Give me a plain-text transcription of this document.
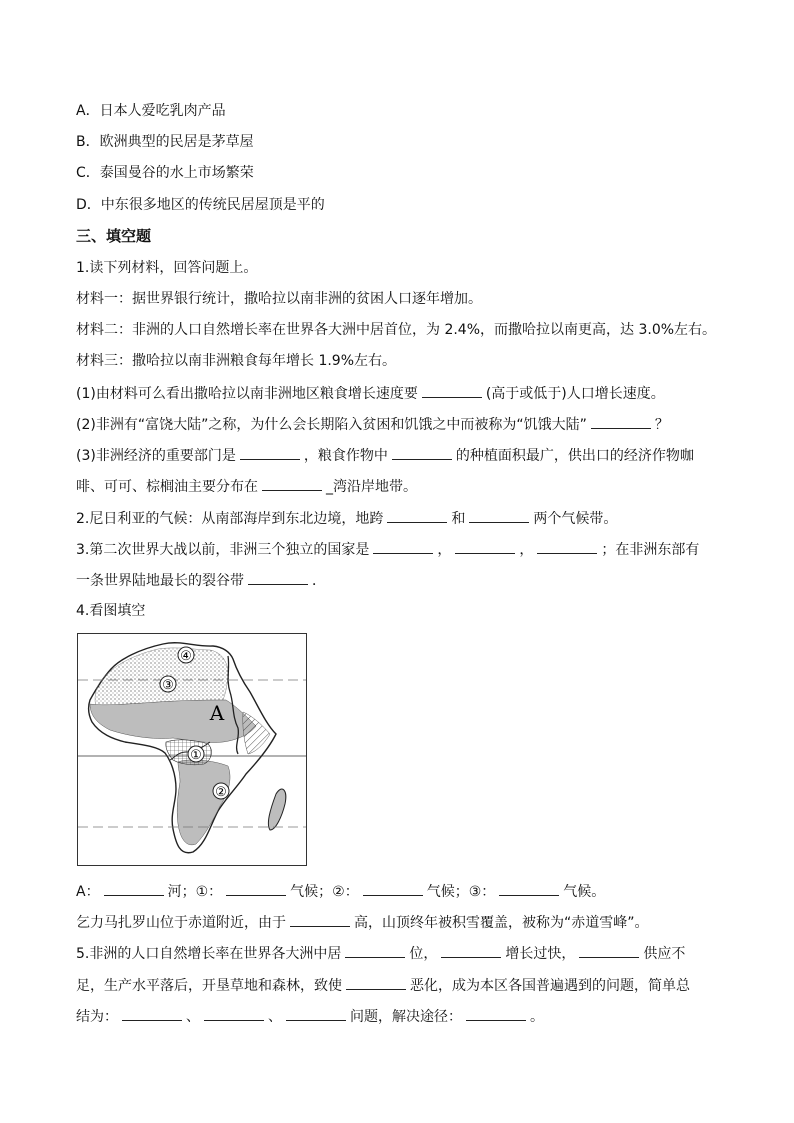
A．日本人爱吃乳肉产品
B．欧洲典型的民居是茅草屋
C．泰国曼谷的水上市场繁荣
D．中东很多地区的传统民居屋顶是平的
三、填空题
1.读下列材料，回答问题上。
材料一：据世界银行统计，撒哈拉以南非洲的贫困人口逐年增加。
材料二：非洲的人口自然增长率在世界各大洲中居首位，为 2.4%，而撒哈拉以南更高，达 3.0%左右。
材料三：撒哈拉以南非洲粮食每年增长 1.9%左右。
(1)由材料可么看出撒哈拉以南非洲地区粮食增长速度要	(高于或低于)人口增长速度。
(2)非洲有“富饶大陆”之称，为什么会长期陷入贫困和饥饿之中而被称为“饥饿大陆”	？
(3)非洲经济的重要部门是	，粮食作物中	的种植面积最广，供出口的经济作物咖
啡、可可、棕榈油主要分布在	_湾沿岸地带。
2.尼日利亚的气候：从南部海岸到东北边境，地跨	和	两个气候带。
3.第二次世界大战以前，非洲三个独立的国家是	，	，	；在非洲东部有
一条世界陆地最长的裂谷带	．
4.看图填空
④
③
A
①
②
A：	河；①：	气候；②：	气候；③：	气候。
乞力马扎罗山位于赤道附近，由于	高，山顶终年被积雪覆盖，被称为“赤道雪峰”。
5.非洲的人口自然增长率在世界各大洲中居	位，	增长过快，	供应不
足，生产水平落后，开垦草地和森林，致使	恶化，成为本区各国普遍遇到的问题，简单总
结为：	、	、	问题，解决途径：	。
